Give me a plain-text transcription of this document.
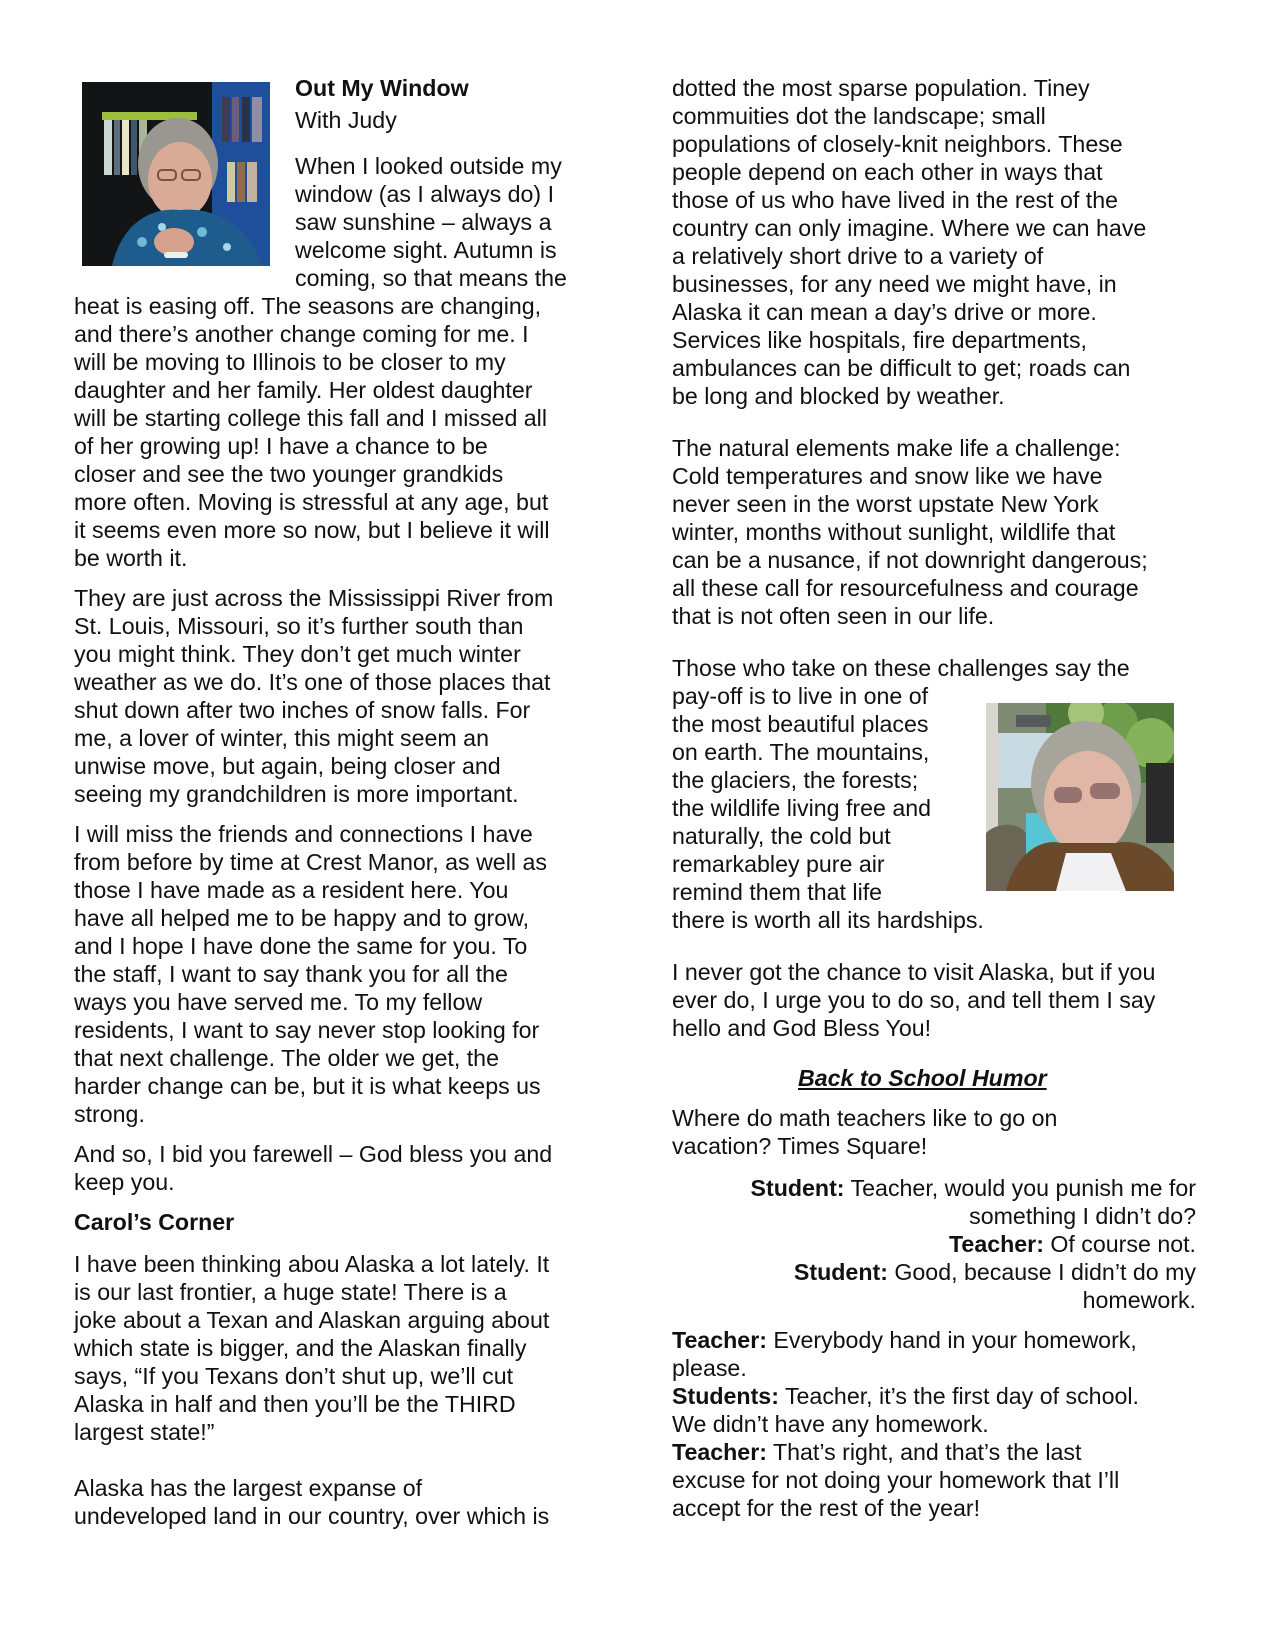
Out My Window
With Judy
When I looked outside my
window (as I always do) I
saw sunshine – always a
welcome sight. Autumn is
coming, so that means the
heat is easing off. The seasons are changing,
and there’s another change coming for me. I
will be moving to Illinois to be closer to my
daughter and her family. Her oldest daughter
will be starting college this fall and I missed all
of her growing up! I have a chance to be
closer and see the two younger grandkids
more often. Moving is stressful at any age, but
it seems even more so now, but I believe it will
be worth it.
They are just across the Mississippi River from
St. Louis, Missouri, so it’s further south than
you might think. They don’t get much winter
weather as we do. It’s one of those places that
shut down after two inches of snow falls. For
me, a lover of winter, this might seem an
unwise move, but again, being closer and
seeing my grandchildren is more important.
I will miss the friends and connections I have
from before by time at Crest Manor, as well as
those I have made as a resident here. You
have all helped me to be happy and to grow,
and I hope I have done the same for you. To
the staff, I want to say thank you for all the
ways you have served me. To my fellow
residents, I want to say never stop looking for
that next challenge. The older we get, the
harder change can be, but it is what keeps us
strong.
And so, I bid you farewell – God bless you and
keep you.
Carol’s Corner
I have been thinking abou Alaska a lot lately. It
is our last frontier, a huge state! There is a
joke about a Texan and Alaskan arguing about
which state is bigger, and the Alaskan finally
says, “If you Texans don’t shut up, we’ll cut
Alaska in half and then you’ll be the THIRD
largest state!”
Alaska has the largest expanse of
undeveloped land in our country, over which is
dotted the most sparse population. Tiney
commuities dot the landscape; small
populations of closely-knit neighbors. These
people depend on each other in ways that
those of us who have lived in the rest of the
country can only imagine. Where we can have
a relatively short drive to a variety of
businesses, for any need we might have, in
Alaska it can mean a day’s drive or more.
Services like hospitals, fire departments,
ambulances can be difficult to get; roads can
be long and blocked by weather.
The natural elements make life a challenge:
Cold temperatures and snow like we have
never seen in the worst upstate New York
winter, months without sunlight, wildlife that
can be a nusance, if not downright dangerous;
all these call for resourcefulness and courage
that is not often seen in our life.
Those who take on these challenges say the
pay-off is to live in one of
the most beautiful places
on earth. The mountains,
the glaciers, the forests;
the wildlife living free and
naturally, the cold but
remarkabley pure air
remind them that life
there is worth all its hardships.
I never got the chance to visit Alaska, but if you
ever do, I urge you to do so, and tell them I say
hello and God Bless You!
Back to School Humor
Where do math teachers like to go on
vacation? Times Square!
Student: Teacher, would you punish me for
something I didn’t do?
Teacher: Of course not.
Student: Good, because I didn’t do my
homework.
Teacher: Everybody hand in your homework,
please.
Students: Teacher, it’s the first day of school.
We didn’t have any homework.
Teacher: That’s right, and that’s the last
excuse for not doing your homework that I’ll
accept for the rest of the year!
